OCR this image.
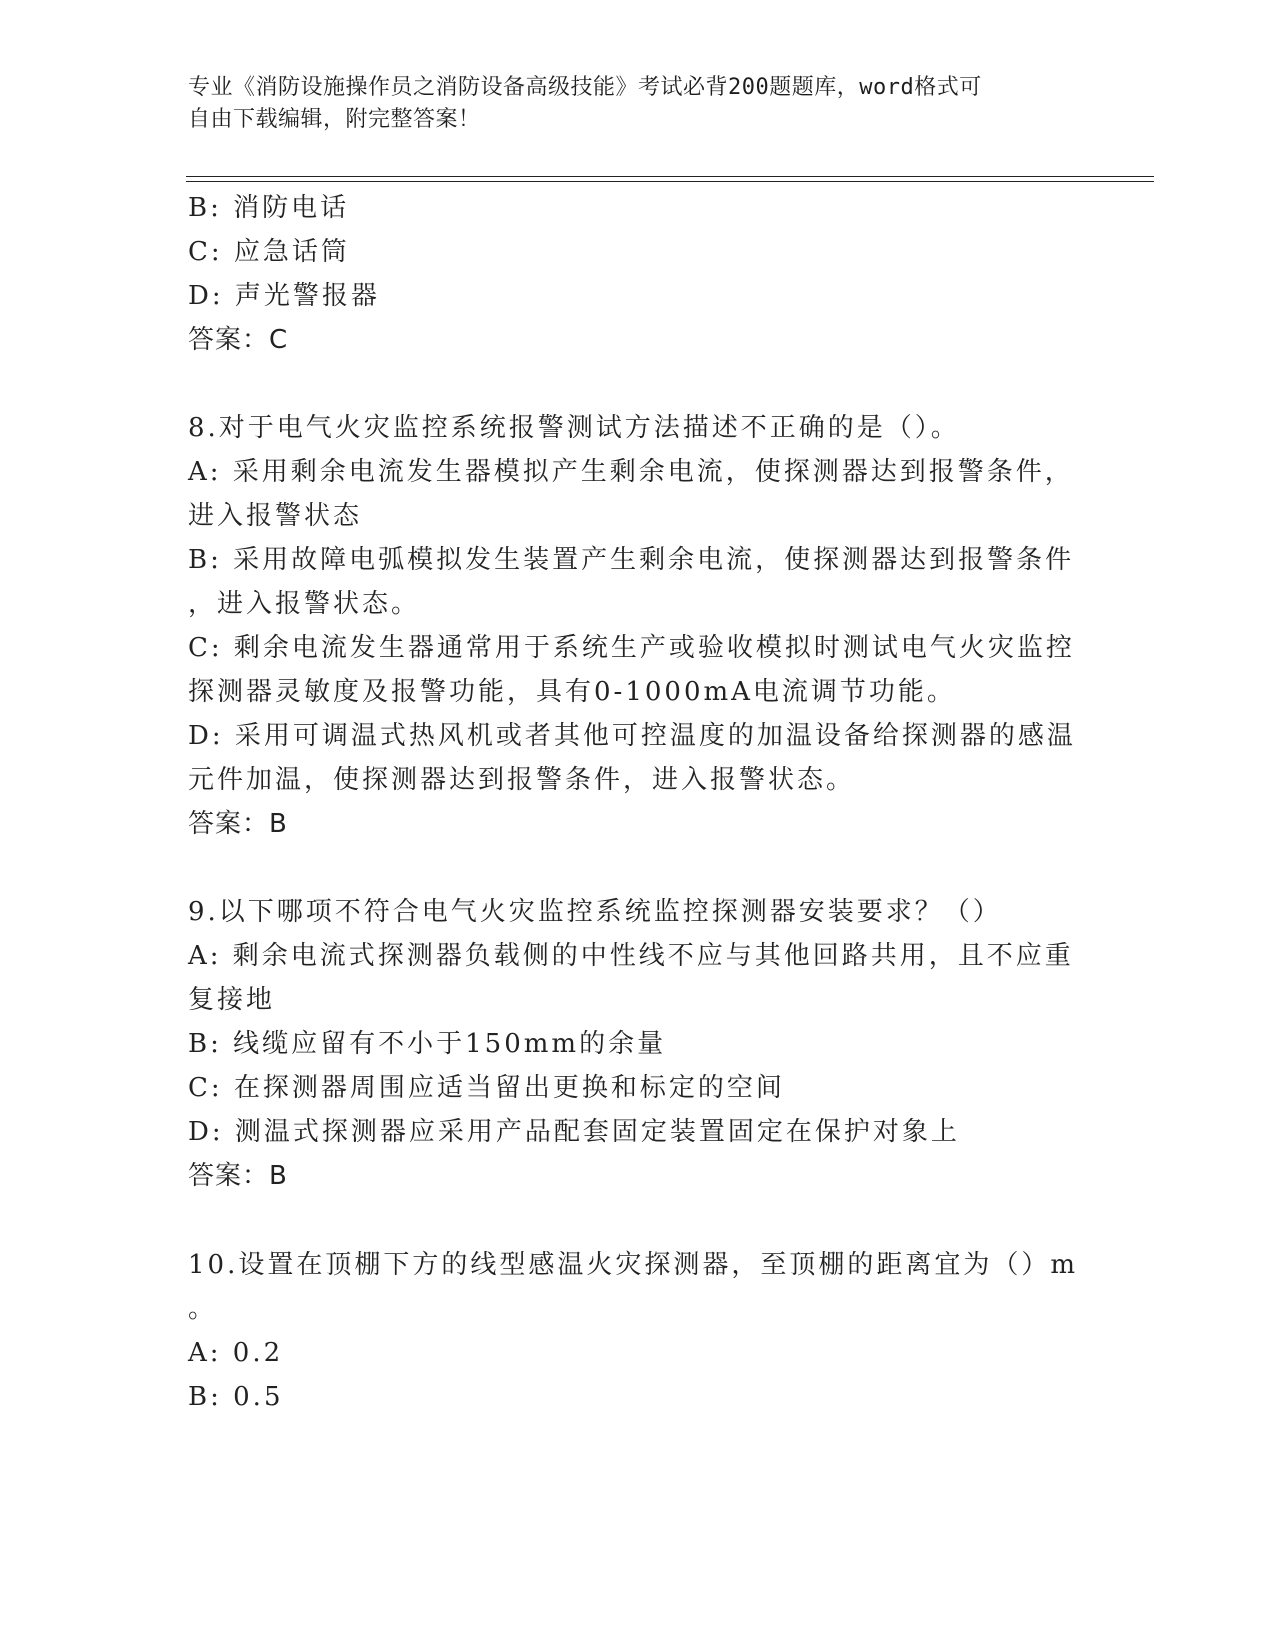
专业《消防设施操作员之消防设备高级技能》考试必背200题题库，word格式可
自由下载编辑，附完整答案！
B: 消防电话
C: 应急话筒
D: 声光警报器
答案：C
8.对于电气火灾监控系统报警测试方法描述不正确的是（）。
A: 采用剩余电流发生器模拟产生剩余电流，使探测器达到报警条件，
进入报警状态
B: 采用故障电弧模拟发生装置产生剩余电流，使探测器达到报警条件
，进入报警状态。
C: 剩余电流发生器通常用于系统生产或验收模拟时测试电气火灾监控
探测器灵敏度及报警功能，具有0-1000mA电流调节功能。
D: 采用可调温式热风机或者其他可控温度的加温设备给探测器的感温
元件加温，使探测器达到报警条件，进入报警状态。
答案：B
9.以下哪项不符合电气火灾监控系统监控探测器安装要求？（）
A: 剩余电流式探测器负载侧的中性线不应与其他回路共用，且不应重
复接地
B: 线缆应留有不小于150mm的余量
C: 在探测器周围应适当留出更换和标定的空间
D: 测温式探测器应采用产品配套固定装置固定在保护对象上
答案：B
10.设置在顶棚下方的线型感温火灾探测器，至顶棚的距离宜为（）m
。
A: 0.2
B: 0.5
